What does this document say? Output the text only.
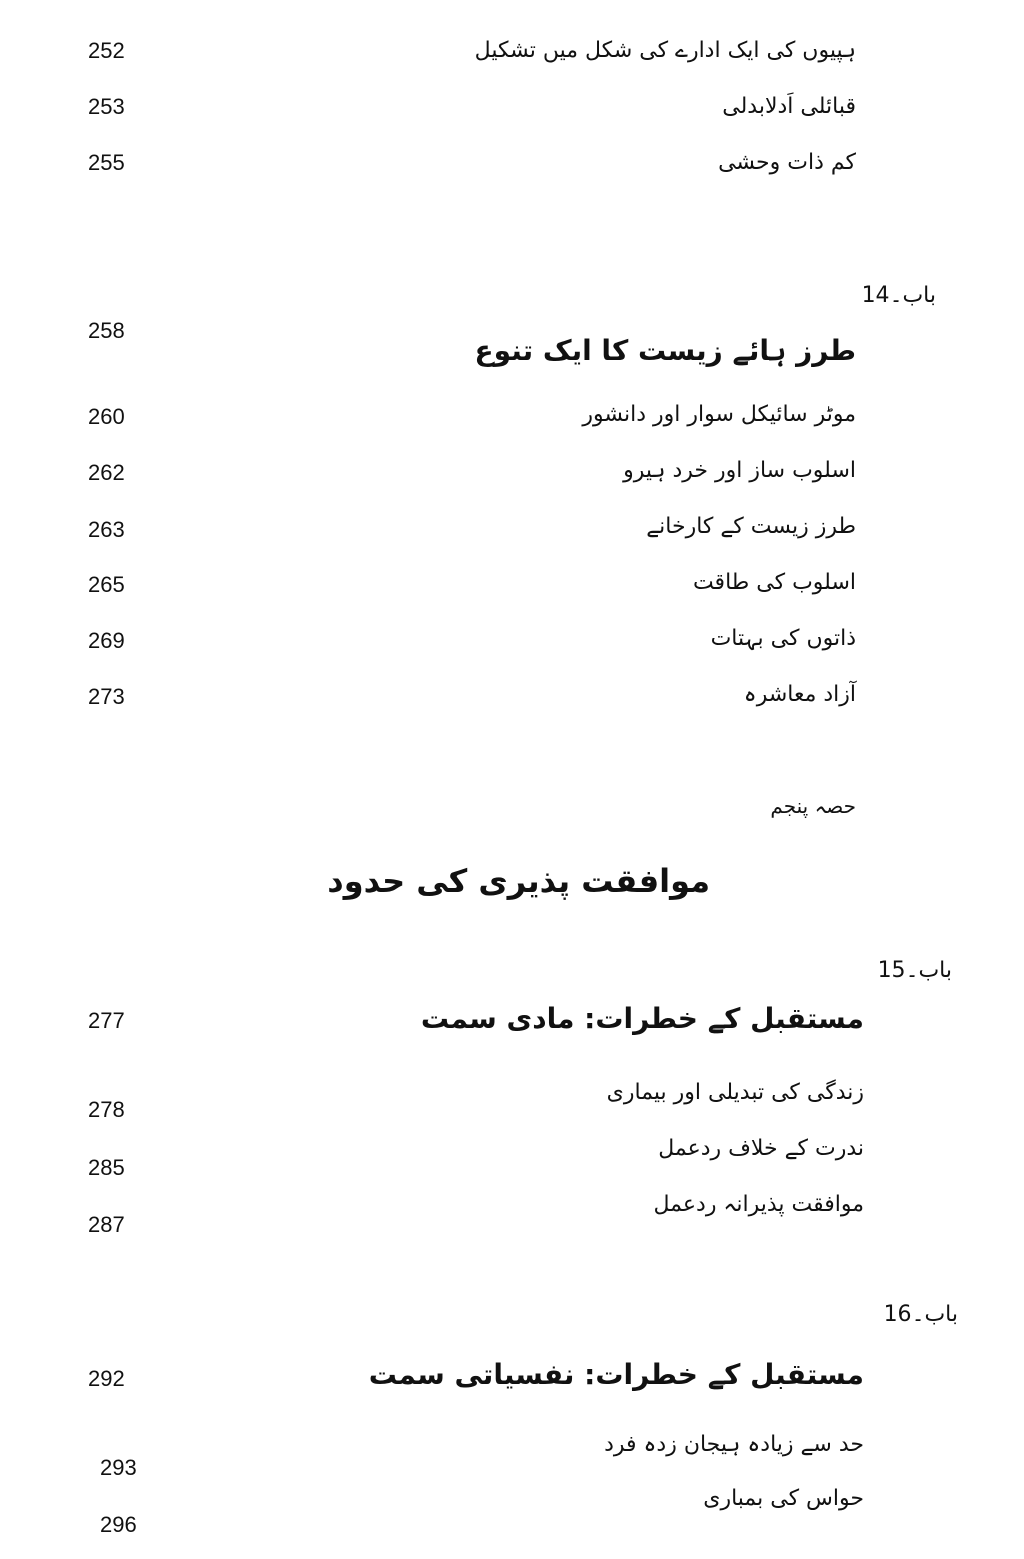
ہپیوں کی ایک ادارے کی شکل میں تشکیل
252
قبائلی اَدلابدلی
253
کم ذات وحشی
255
باب۔14
258
طرز ہائے زیست کا ایک تنوع
موٹر سائیکل سوار اور دانشور
260
اسلوب ساز اور خرد ہیرو
262
طرز زیست کے کارخانے
263
اسلوب کی طاقت
265
ذاتوں کی بہتات
269
آزاد معاشرہ
273
حصہ پنجم
موافقت پذیری کی حدود
باب۔15
277	مستقبل کے خطرات: مادی سمت
زندگی کی تبدیلی اور بیماری
278
ندرت کے خلاف ردعمل
285
موافقت پذیرانہ ردعمل
287
باب۔16
292	مستقبل کے خطرات: نفسیاتی سمت
حد سے زیادہ ہیجان زدہ فرد
293
حواس کی بمباری
296
